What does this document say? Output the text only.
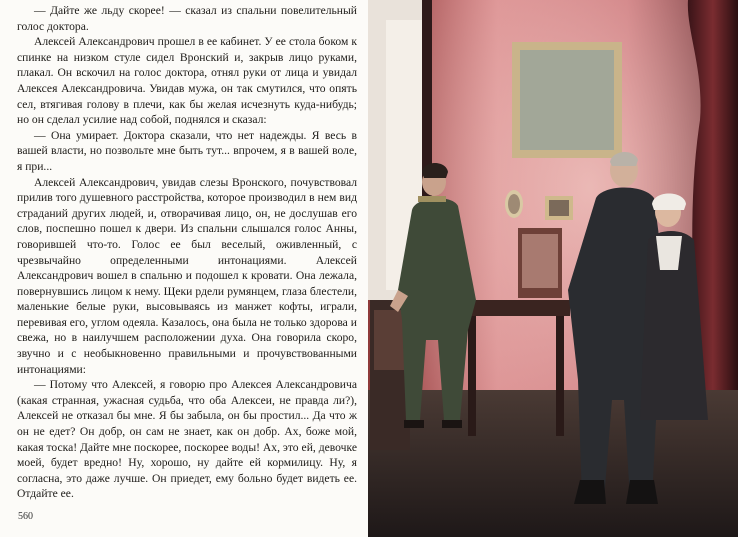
— Дайте же льду скорее! — сказал из спальни повелительный голос доктора.

Алексей Александрович прошел в ее кабинет. У ее стола боком к спинке на низком стуле сидел Вронский и, закрыв лицо руками, плакал. Он вскочил на голос доктора, отнял руки от лица и увидал Алексея Александровича. Увидав мужа, он так смутился, что опять сел, втягивая голову в плечи, как бы желая исчезнуть куда-нибудь; но он сделал усилие над собой, поднялся и сказал:

— Она умирает. Доктора сказали, что нет надежды. Я весь в вашей власти, но позвольте мне быть тут... впрочем, я в вашей воле, я при...

Алексей Александрович, увидав слезы Вронского, почувствовал прилив того душевного расстройства, которое производил в нем вид страданий других людей, и, отворачивая лицо, он, не дослушав его слов, поспешно пошел к двери. Из спальни слышался голос Анны, говорившей что-то. Голос ее был веселый, оживленный, с чрезвычайно определенными интонациями. Алексей Александрович вошел в спальню и подошел к кровати. Она лежала, повернувшись лицом к нему. Щеки рдели румянцем, глаза блестели, маленькие белые руки, высовываясь из манжет кофты, играли, перевивая его, углом одеяла. Казалось, она была не только здорова и свежа, но в наилучшем расположении духа. Она говорила скоро, звучно и с необыкновенно правильными и прочувствованными интонациями:

— Потому что Алексей, я говорю про Алексея Александровича (какая странная, ужасная судьба, что оба Алексеи, не правда ли?), Алексей не отказал бы мне. Я бы забыла, он бы простил... Да что ж он не едет? Он добр, он сам не знает, как он добр. Ах, боже мой, какая тоска! Дайте мне поскорее, поскорее воды! Ах, это ей, девочке моей, будет вредно! Ну, хорошо, ну дайте ей кормилицу. Ну, я согласна, это даже лучше. Он приедет, ему больно будет видеть ее. Отдайте ее.

560
